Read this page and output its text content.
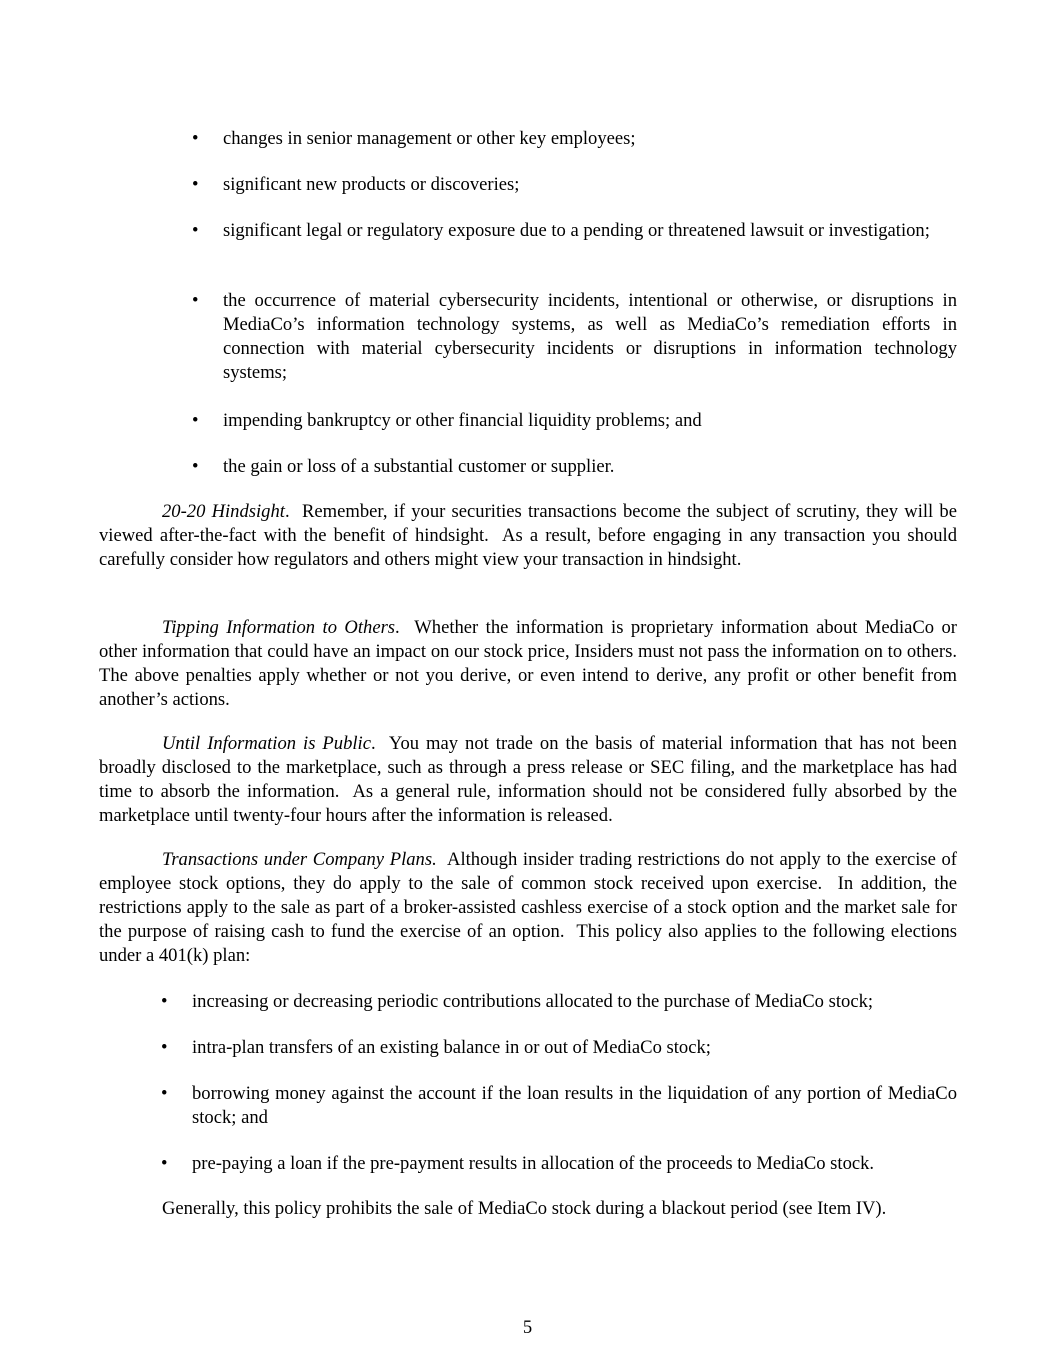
•	changes in senior management or other key employees;
•	significant new products or discoveries;
•	significant legal or regulatory exposure due to a pending or threatened lawsuit or investigation;
•	the occurrence of material cybersecurity incidents, intentional or otherwise, or disruptions in MediaCo’s information technology systems, as well as MediaCo’s remediation efforts in connection with material cybersecurity incidents or disruptions in information technology systems;
•	impending bankruptcy or other financial liquidity problems; and
•	the gain or loss of a substantial customer or supplier.
20-20 Hindsight.  Remember, if your securities transactions become the subject of scrutiny, they will be viewed after-the-fact with the benefit of hindsight.  As a result, before engaging in any transaction you should carefully consider how regulators and others might view your transaction in hindsight.
Tipping Information to Others.  Whether the information is proprietary information about MediaCo or other information that could have an impact on our stock price, Insiders must not pass the information on to others.  The above penalties apply whether or not you derive, or even intend to derive, any profit or other benefit from another’s actions.
Until Information is Public.  You may not trade on the basis of material information that has not been broadly disclosed to the marketplace, such as through a press release or SEC filing, and the marketplace has had time to absorb the information.  As a general rule, information should not be considered fully absorbed by the marketplace until twenty-four hours after the information is released.
Transactions under Company Plans.  Although insider trading restrictions do not apply to the exercise of employee stock options, they do apply to the sale of common stock received upon exercise.  In addition, the restrictions apply to the sale as part of a broker-assisted cashless exercise of a stock option and the market sale for the purpose of raising cash to fund the exercise of an option.  This policy also applies to the following elections under a 401(k) plan:
•	increasing or decreasing periodic contributions allocated to the purchase of MediaCo stock;
•	intra-plan transfers of an existing balance in or out of MediaCo stock;
•	borrowing money against the account if the loan results in the liquidation of any portion of MediaCo stock; and
•	pre-paying a loan if the pre-payment results in allocation of the proceeds to MediaCo stock.
Generally, this policy prohibits the sale of MediaCo stock during a blackout period (see Item IV).
5
